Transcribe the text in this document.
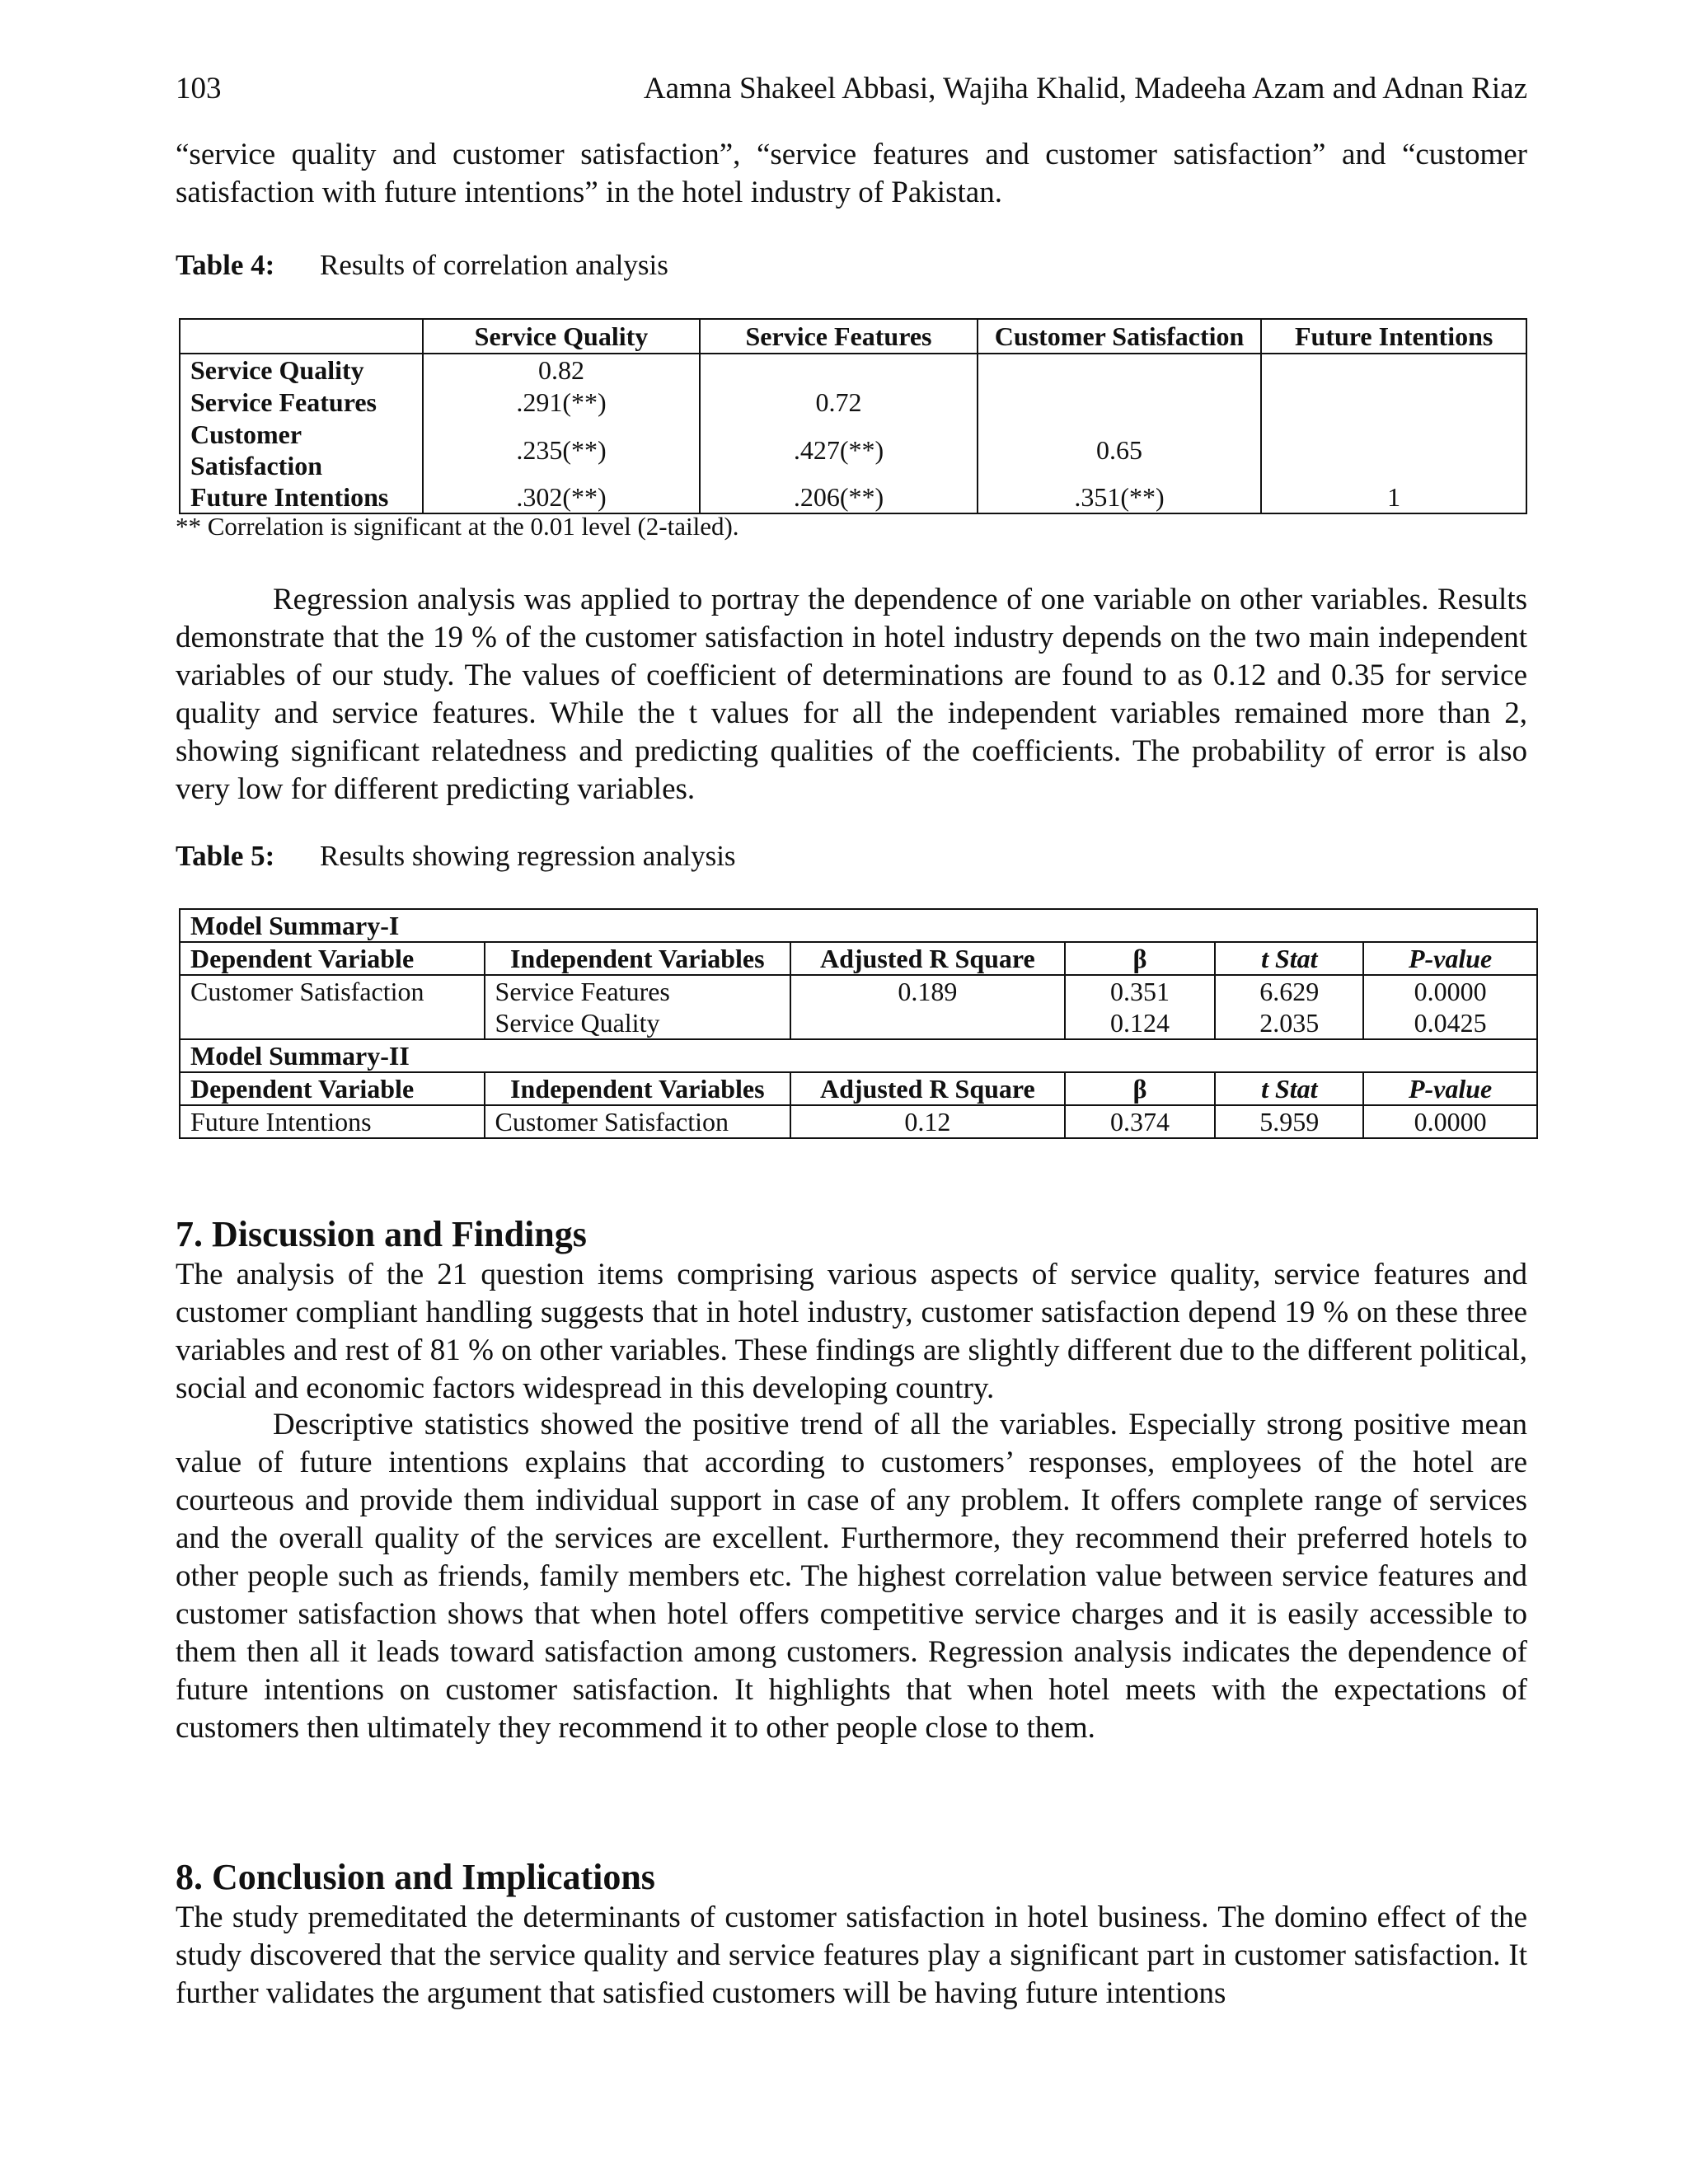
103	Aamna Shakeel Abbasi, Wajiha Khalid, Madeeha Azam and Adnan Riaz
“service quality and customer satisfaction”, “service features and customer satisfaction” and “customer satisfaction with future intentions” in the hotel industry of Pakistan.
Table 4: Results of correlation analysis
	Service Quality	Service Features	Customer Satisfaction	Future Intentions
Service Quality	0.82			
Service Features	.291(**)	0.72		
Customer Satisfaction	.235(**)	.427(**)	0.65	
Future Intentions	.302(**)	.206(**)	.351(**)	1
** Correlation is significant at the 0.01 level (2-tailed).
Regression analysis was applied to portray the dependence of one variable on other variables. Results demonstrate that the 19 % of the customer satisfaction in hotel industry depends on the two main independent variables of our study. The values of coefficient of determinations are found to as 0.12 and 0.35 for service quality and service features. While the t values for all the independent variables remained more than 2, showing significant relatedness and predicting qualities of the coefficients. The probability of error is also very low for different predicting variables.
Table 5: Results showing regression analysis
Model Summary-I					
Dependent Variable	Independent Variables	Adjusted R Square	β	t Stat	P-value
Customer Satisfaction	Service Features	0.189	0.351	6.629	0.0000
	Service Quality		0.124	2.035	0.0425
Model Summary-II					
Dependent Variable	Independent Variables	Adjusted R Square	β	t Stat	P-value
Future Intentions	Customer Satisfaction	0.12	0.374	5.959	0.0000
7. Discussion and Findings
The analysis of the 21 question items comprising various aspects of service quality, service features and customer compliant handling suggests that in hotel industry, customer satisfaction depend 19 % on these three variables and rest of 81 % on other variables. These findings are slightly different due to the different political, social and economic factors widespread in this developing country.
Descriptive statistics showed the positive trend of all the variables. Especially strong positive mean value of future intentions explains that according to customers’ responses, employees of the hotel are courteous and provide them individual support in case of any problem. It offers complete range of services and the overall quality of the services are excellent. Furthermore, they recommend their preferred hotels to other people such as friends, family members etc. The highest correlation value between service features and customer satisfaction shows that when hotel offers competitive service charges and it is easily accessible to them then all it leads toward satisfaction among customers. Regression analysis indicates the dependence of future intentions on customer satisfaction. It highlights that when hotel meets with the expectations of customers then ultimately they recommend it to other people close to them.
8. Conclusion and Implications
The study premeditated the determinants of customer satisfaction in hotel business. The domino effect of the study discovered that the service quality and service features play a significant part in customer satisfaction. It further validates the argument that satisfied customers will be having future intentions
